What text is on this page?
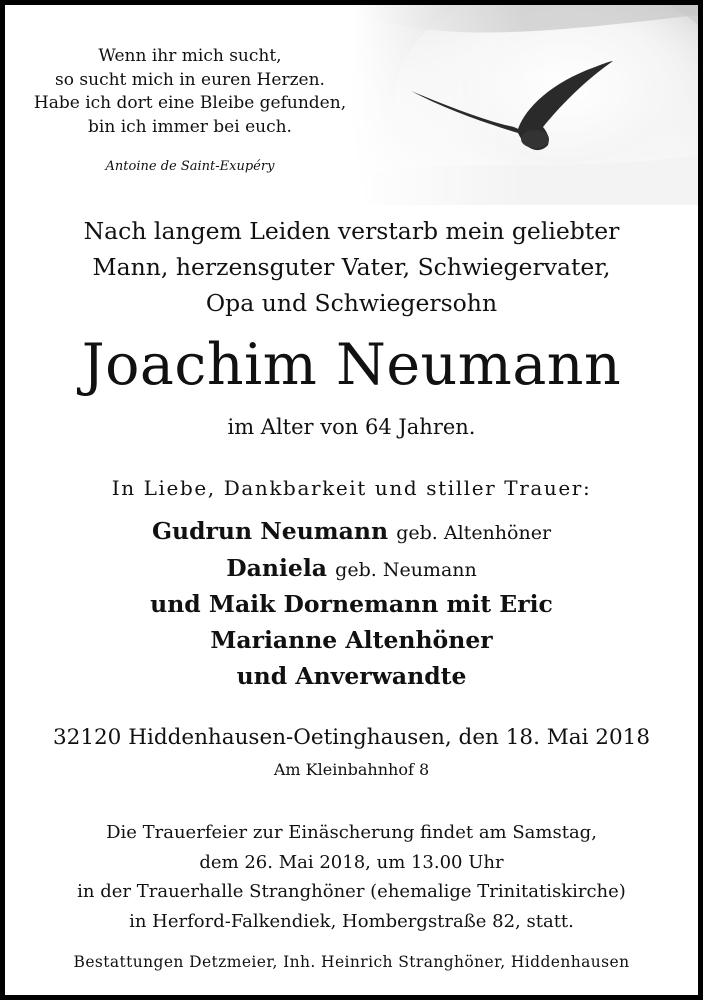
Wenn ihr mich sucht,
so sucht mich in euren Herzen.
Habe ich dort eine Bleibe gefunden,
bin ich immer bei euch.
Antoine de Saint-Exupéry
Nach langem Leiden verstarb mein geliebter
Mann, herzensguter Vater, Schwiegervater,
Opa und Schwiegersohn
Joachim Neumann
im Alter von 64 Jahren.
In Liebe, Dankbarkeit und stiller Trauer:
Gudrun Neumann geb. Altenhöner
Daniela geb. Neumann
und Maik Dornemann mit Eric
Marianne Altenhöner
und Anverwandte
32120 Hiddenhausen-Oetinghausen, den 18. Mai 2018
Am Kleinbahnhof 8
Die Trauerfeier zur Einäscherung findet am Samstag,
dem 26. Mai 2018, um 13.00 Uhr
in der Trauerhalle Stranghöner (ehemalige Trinitatiskirche)
in Herford-Falkendiek, Hombergstraße 82, statt.
Bestattungen Detzmeier, Inh. Heinrich Stranghöner, Hiddenhausen
